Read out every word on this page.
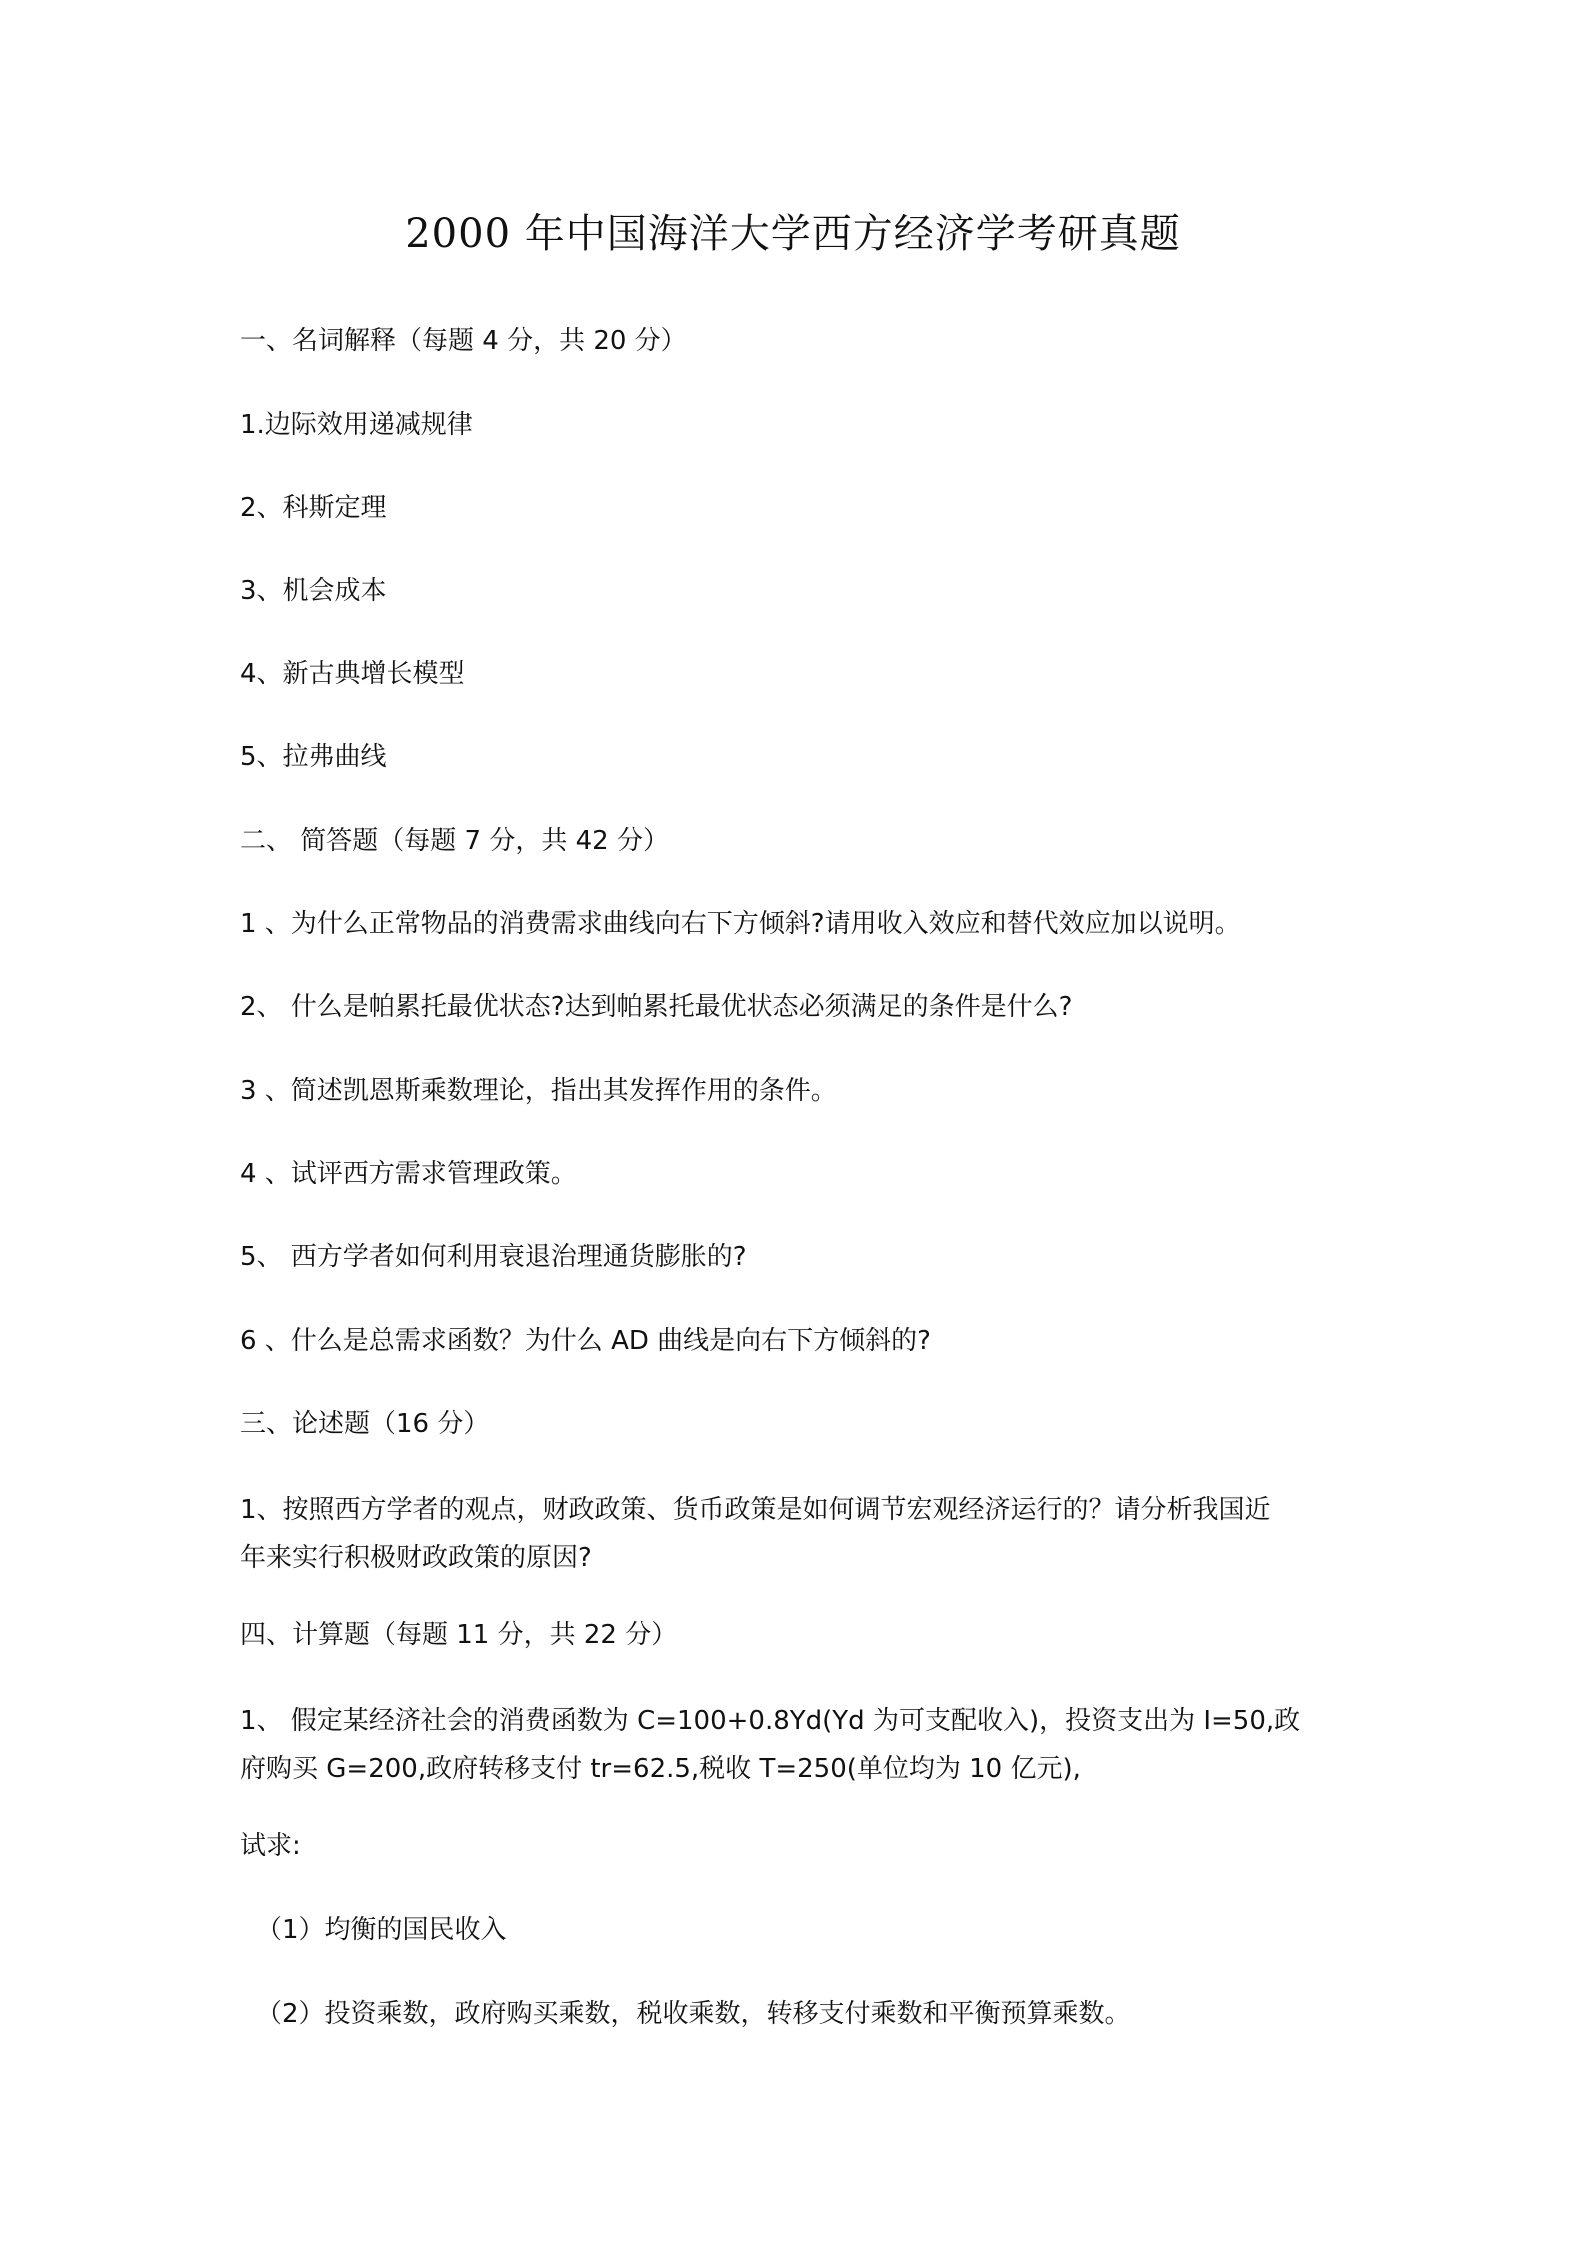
2000 年中国海洋大学西方经济学考研真题
一、名词解释（每题 4 分，共 20 分）
1.边际效用递减规律
2、科斯定理
3、机会成本
4、新古典增长模型
5、拉弗曲线
二、 简答题（每题 7 分，共 42 分）
1 、为什么正常物品的消费需求曲线向右下方倾斜?请用收入效应和替代效应加以说明。
2、 什么是帕累托最优状态?达到帕累托最优状态必须满足的条件是什么?
3 、简述凯恩斯乘数理论，指出其发挥作用的条件。
4 、试评西方需求管理政策。
5、 西方学者如何利用衰退治理通货膨胀的?
6 、什么是总需求函数？为什么 AD 曲线是向右下方倾斜的?
三、论述题（16 分）
1、按照西方学者的观点，财政政策、货币政策是如何调节宏观经济运行的？请分析我国近
年来实行积极财政政策的原因?
四、计算题（每题 11 分，共 22 分）
1、 假定某经济社会的消费函数为 C=100+0.8Yd(Yd 为可支配收入)，投资支出为 I=50,政
府购买 G=200,政府转移支付 tr=62.5,税收 T=250(单位均为 10 亿元),
试求:
（1）均衡的国民收入
（2）投资乘数，政府购买乘数，税收乘数，转移支付乘数和平衡预算乘数。
